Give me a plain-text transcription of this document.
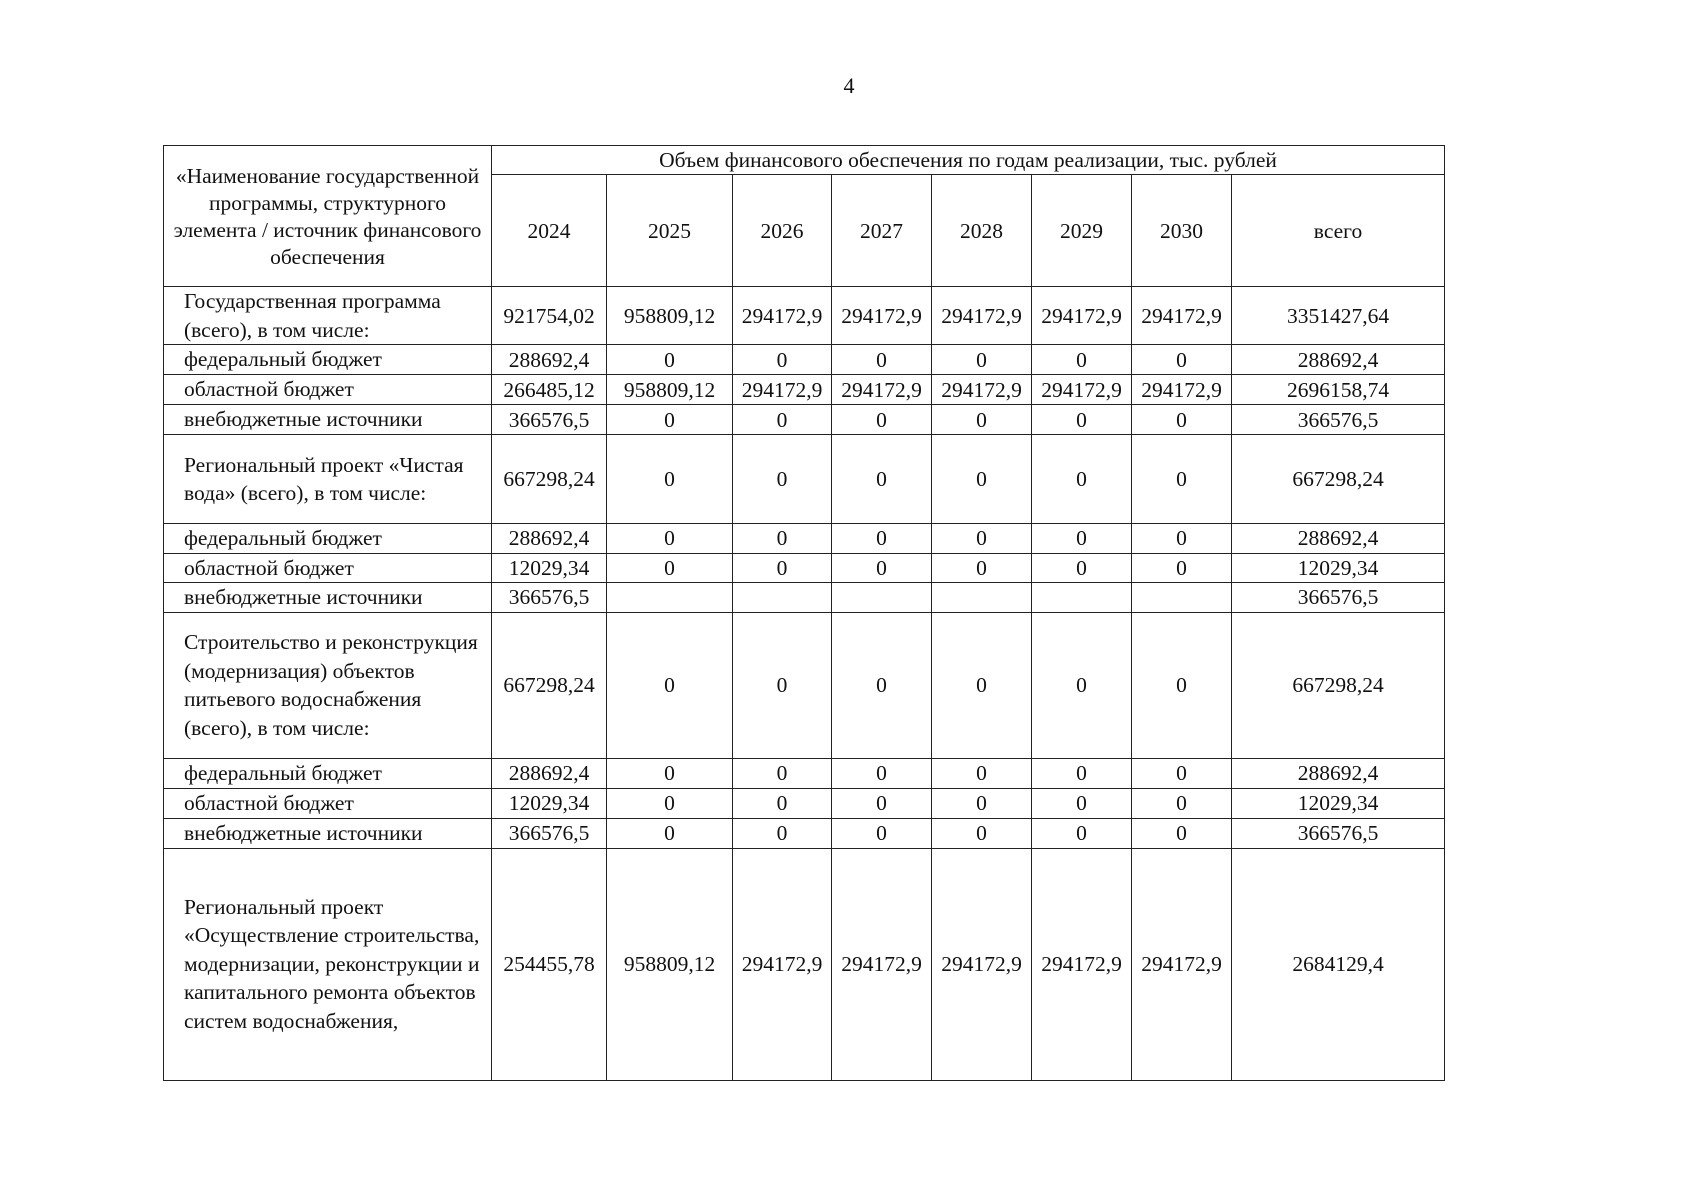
4
«Наименование государственной программы, структурного элемента / источник финансового обеспечения	Объем финансового обеспечения по годам реализации, тыс. рублей							
	2024	2025	2026	2027	2028	2029	2030	всего
Государственная программа (всего), в том числе:	921754,02	958809,12	294172,9	294172,9	294172,9	294172,9	294172,9	3351427,64
федеральный бюджет	288692,4	0	0	0	0	0	0	288692,4
областной бюджет	266485,12	958809,12	294172,9	294172,9	294172,9	294172,9	294172,9	2696158,74
внебюджетные источники	366576,5	0	0	0	0	0	0	366576,5
Региональный проект «Чистая вода» (всего), в том числе:	667298,24	0	0	0	0	0	0	667298,24
федеральный бюджет	288692,4	0	0	0	0	0	0	288692,4
областной бюджет	12029,34	0	0	0	0	0	0	12029,34
внебюджетные источники	366576,5							366576,5
Строительство и реконструкция (модернизация) объектов питьевого водоснабжения (всего), в том числе:	667298,24	0	0	0	0	0	0	667298,24
федеральный бюджет	288692,4	0	0	0	0	0	0	288692,4
областной бюджет	12029,34	0	0	0	0	0	0	12029,34
внебюджетные источники	366576,5	0	0	0	0	0	0	366576,5
Региональный проект «Осуществление строительства, модернизации, реконструкции и капитального ремонта объектов систем водоснабжения,	254455,78	958809,12	294172,9	294172,9	294172,9	294172,9	294172,9	2684129,4
